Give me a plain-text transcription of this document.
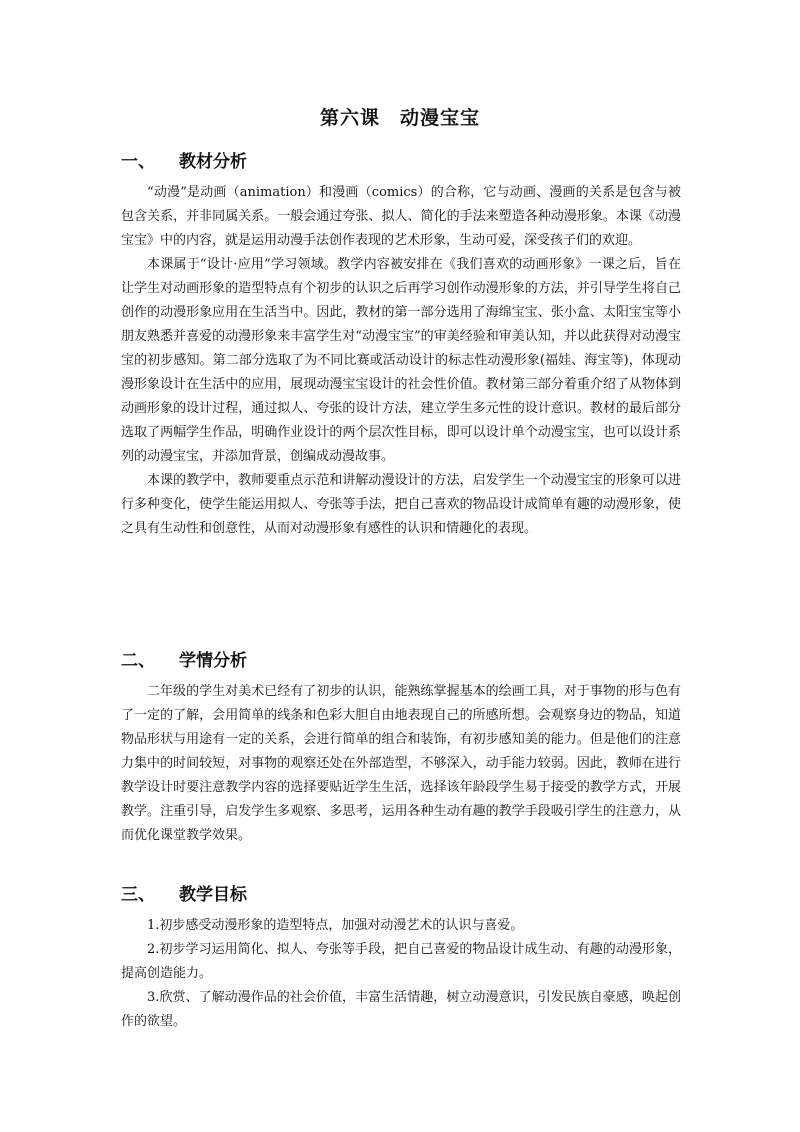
第六课　动漫宝宝
一、 教材分析

“动漫”是动画（animation）和漫画（comics）的合称，它与动画、漫画的关系是包含与被包含关系，并非同属关系。一般会通过夸张、拟人、简化的手法来塑造各种动漫形象。本课《动漫宝宝》中的内容，就是运用动漫手法创作表现的艺术形象，生动可爱，深受孩子们的欢迎。

本课属于“设计·应用”学习领域。教学内容被安排在《我们喜欢的动画形象》一课之后，旨在让学生对动画形象的造型特点有个初步的认识之后再学习创作动漫形象的方法，并引导学生将自己创作的动漫形象应用在生活当中。因此，教材的第一部分选用了海绵宝宝、张小盒、太阳宝宝等小朋友熟悉并喜爱的动漫形象来丰富学生对“动漫宝宝”的审美经验和审美认知，并以此获得对动漫宝宝的初步感知。第二部分选取了为不同比赛或活动设计的标志性动漫形象(福娃、海宝等)，体现动漫形象设计在生活中的应用，展现动漫宝宝设计的社会性价值。教材第三部分着重介绍了从物体到动画形象的设计过程，通过拟人、夸张的设计方法，建立学生多元性的设计意识。教材的最后部分选取了两幅学生作品，明确作业设计的两个层次性目标，即可以设计单个动漫宝宝，也可以设计系列的动漫宝宝，并添加背景，创编成动漫故事。

本课的教学中，教师要重点示范和讲解动漫设计的方法，启发学生一个动漫宝宝的形象可以进行多种变化，使学生能运用拟人、夸张等手法，把自己喜欢的物品设计成简单有趣的动漫形象，使之具有生动性和创意性，从而对动漫形象有感性的认识和情趣化的表现。

二、 学情分析

二年级的学生对美术已经有了初步的认识，能熟练掌握基本的绘画工具，对于事物的形与色有了一定的了解，会用简单的线条和色彩大胆自由地表现自己的所感所想。会观察身边的物品，知道物品形状与用途有一定的关系，会进行简单的组合和装饰，有初步感知美的能力。但是他们的注意力集中的时间较短，对事物的观察还处在外部造型，不够深入，动手能力较弱。因此，教师在进行教学设计时要注意教学内容的选择要贴近学生生活，选择该年龄段学生易于接受的教学方式，开展教学。注重引导，启发学生多观察、多思考，运用各种生动有趣的教学手段吸引学生的注意力，从而优化课堂教学效果。

三、 教学目标

1.初步感受动漫形象的造型特点，加强对动漫艺术的认识与喜爱。

2.初步学习运用简化、拟人、夸张等手段，把自己喜爱的物品设计成生动、有趣的动漫形象，提高创造能力。

3.欣赏、了解动漫作品的社会价值，丰富生活情趣，树立动漫意识，引发民族自豪感，唤起创作的欲望。
